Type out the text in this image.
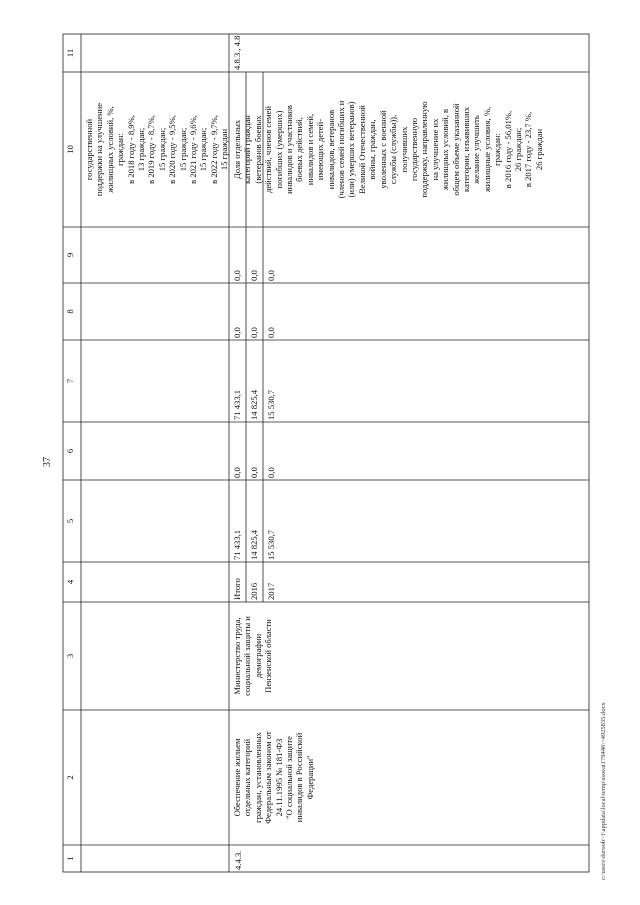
37
1
2
3
4
5
6
7
8
9
10
11
государственной поддержки на улучшение жилищных условий, %, граждан: в 2018 году - 8,9%, 13 граждан; в 2019 году - 8,7%, 15 граждан; в 2020 году - 9,5%, 15 граждан; в 2021 году - 9,6%, 15 граждан; в 2022 году - 9,7%, 15 граждан
4.4.3.
Обеспечение жильем отдельных категорий граждан, установленных Федеральным законом от 24.11.1995 № 181-ФЗ "О социальной защите инвалидов в Российской Федерации"
Министерство труда, социальной защиты и демографии Пензенской области
Итого 2016 2017
71 433,1 14 825,4 15 530,7
0,0 0,0 0,0
71 433,1 14 825,4 15 530,7
0,0 0,0 0,0
0,0 0,0 0,0
Доля отдельных категорий граждан (ветеранов боевых действий, членов семей погибших (умерших) инвалидов и участников боевых действий, инвалидов и семей, имеющих детей- инвалидов, ветеранов (членов семей погибших и (или) умерших ветеранов) Великой Отечественной войны, граждан, уволенных с военной службы (службы)), получивших государственную поддержку, направленную на улучшение их жилищных условий, в общем объеме указанной категории, изъявивших желание улучшить жилищные условия, %, граждан: в 2016 году - 56,01%, 26 граждан; в 2017 году - 23,7 %, 26 граждан
4.8.3., 4.8
c:\users\duroob~1\appdata\local\temp\ssoeat179446\~4925835.docx
